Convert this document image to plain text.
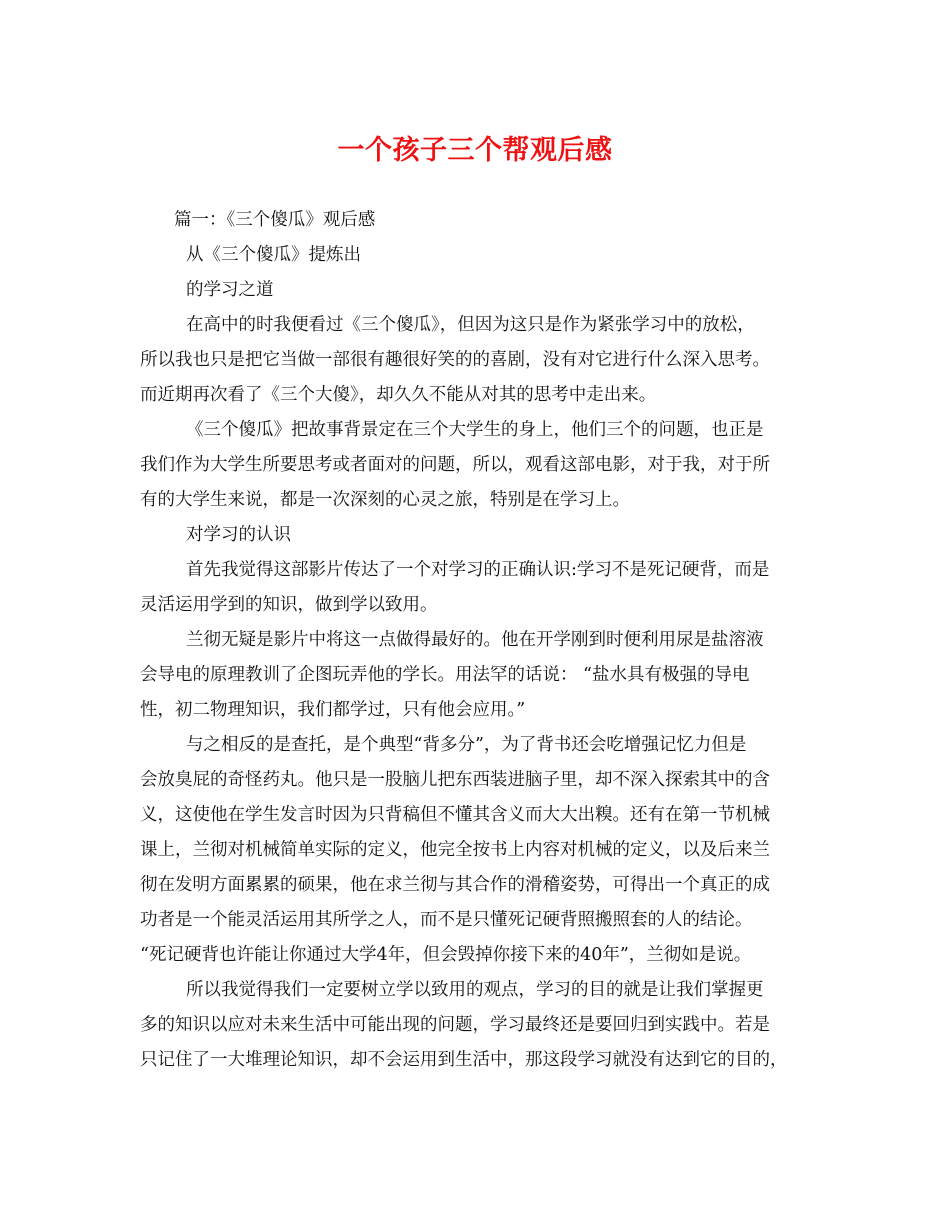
一个孩子三个帮观后感
篇一：《三个傻瓜》观后感
从《三个傻瓜》提炼出
的学习之道
在高中的时我便看过《三个傻瓜》，但因为这只是作为紧张学习中的放松，
所以我也只是把它当做一部很有趣很好笑的的喜剧，没有对它进行什么深入思考。
而近期再次看了《三个大傻》，却久久不能从对其的思考中走出来。
《三个傻瓜》把故事背景定在三个大学生的身上，他们三个的问题，也正是
我们作为大学生所要思考或者面对的问题，所以，观看这部电影，对于我，对于所
有的大学生来说，都是一次深刻的心灵之旅，特别是在学习上。
对学习的认识
首先我觉得这部影片传达了一个对学习的正确认识:学习不是死记硬背，而是
灵活运用学到的知识，做到学以致用。
兰彻无疑是影片中将这一点做得最好的。他在开学刚到时便利用尿是盐溶液
会导电的原理教训了企图玩弄他的学长。用法罕的话说： “盐水具有极强的导电
性，初二物理知识，我们都学过，只有他会应用。”
与之相反的是查托，是个典型“背多分”，为了背书还会吃增强记忆力但是
会放臭屁的奇怪药丸。他只是一股脑儿把东西装进脑子里，却不深入探索其中的含
义，这使他在学生发言时因为只背稿但不懂其含义而大大出糗。还有在第一节机械
课上，兰彻对机械简单实际的定义，他完全按书上内容对机械的定义，以及后来兰
彻在发明方面累累的硕果，他在求兰彻与其合作的滑稽姿势，可得出一个真正的成
功者是一个能灵活运用其所学之人，而不是只懂死记硬背照搬照套的人的结论。
“死记硬背也许能让你通过大学4年，但会毁掉你接下来的40年”，兰彻如是说。
所以我觉得我们一定要树立学以致用的观点，学习的目的就是让我们掌握更
多的知识以应对未来生活中可能出现的问题，学习最终还是要回归到实践中。若是
只记住了一大堆理论知识，却不会运用到生活中，那这段学习就没有达到它的目的，
